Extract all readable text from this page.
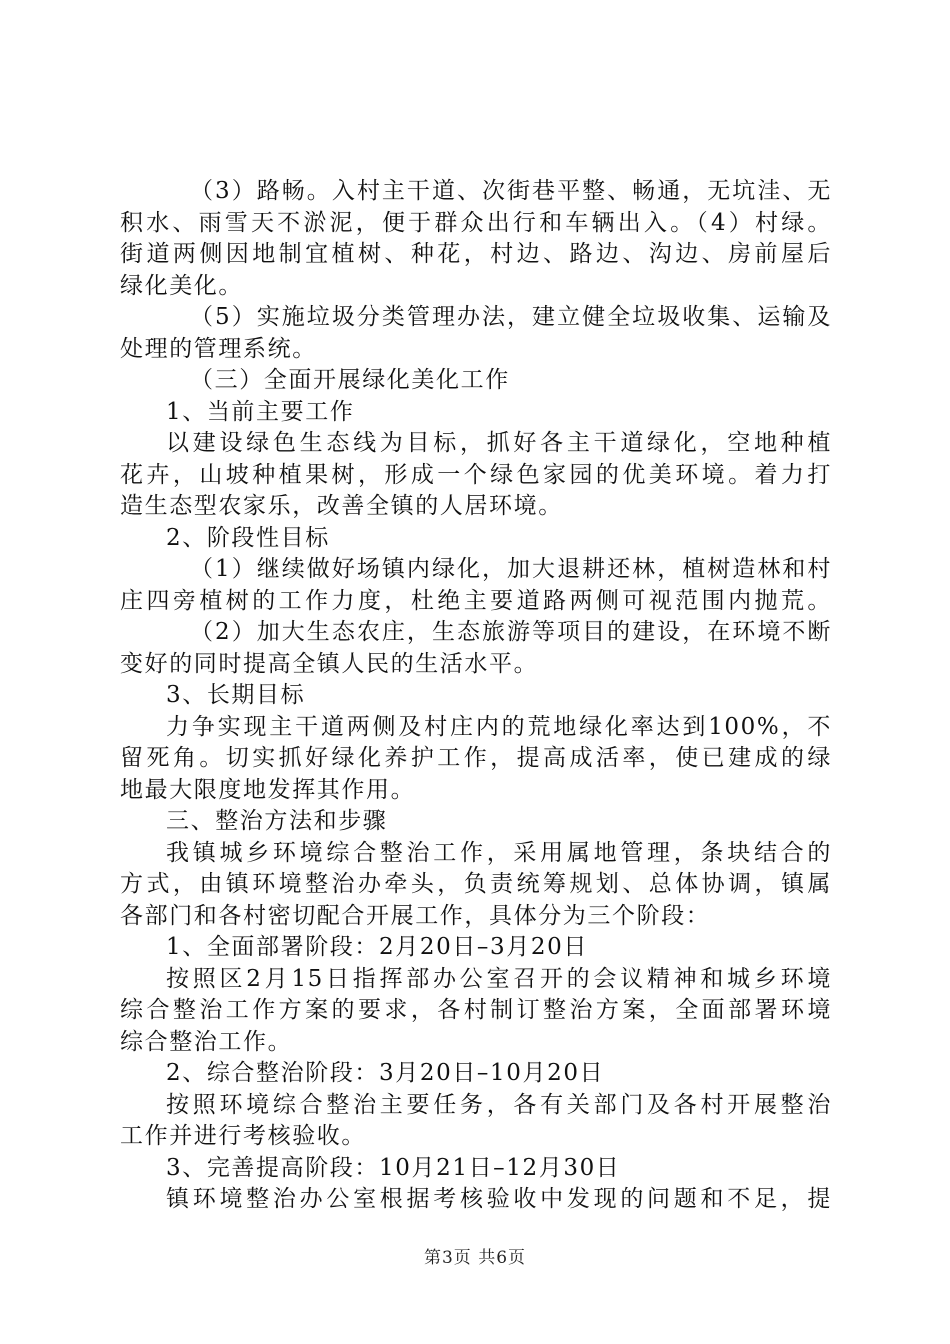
（3）路畅。入村主干道、次街巷平整、畅通，无坑洼、无
积水、雨雪天不淤泥，便于群众出行和车辆出入。（4）村绿。
街道两侧因地制宜植树、种花，村边、路边、沟边、房前屋后
绿化美化。
（5）实施垃圾分类管理办法，建立健全垃圾收集、运输及
处理的管理系统。
（三）全面开展绿化美化工作
1、当前主要工作
以建设绿色生态线为目标，抓好各主干道绿化，空地种植
花卉，山坡种植果树，形成一个绿色家园的优美环境。着力打
造生态型农家乐，改善全镇的人居环境。
2、阶段性目标
（1）继续做好场镇内绿化，加大退耕还林，植树造林和村
庄四旁植树的工作力度，杜绝主要道路两侧可视范围内抛荒。
（2）加大生态农庄，生态旅游等项目的建设，在环境不断
变好的同时提高全镇人民的生活水平。
3、长期目标
力争实现主干道两侧及村庄内的荒地绿化率达到100%，不
留死角。切实抓好绿化养护工作，提高成活率，使已建成的绿
地最大限度地发挥其作用。
三、整治方法和步骤
我镇城乡环境综合整治工作，采用属地管理，条块结合的
方式，由镇环境整治办牵头，负责统筹规划、总体协调，镇属
各部门和各村密切配合开展工作，具体分为三个阶段：
1、全面部署阶段：2月20日–3月20日
按照区2月15日指挥部办公室召开的会议精神和城乡环境
综合整治工作方案的要求，各村制订整治方案，全面部署环境
综合整治工作。
2、综合整治阶段：3月20日–10月20日
按照环境综合整治主要任务，各有关部门及各村开展整治
工作并进行考核验收。
3、完善提高阶段：10月21日–12月30日
镇环境整治办公室根据考核验收中发现的问题和不足，提
第3页 共6页
